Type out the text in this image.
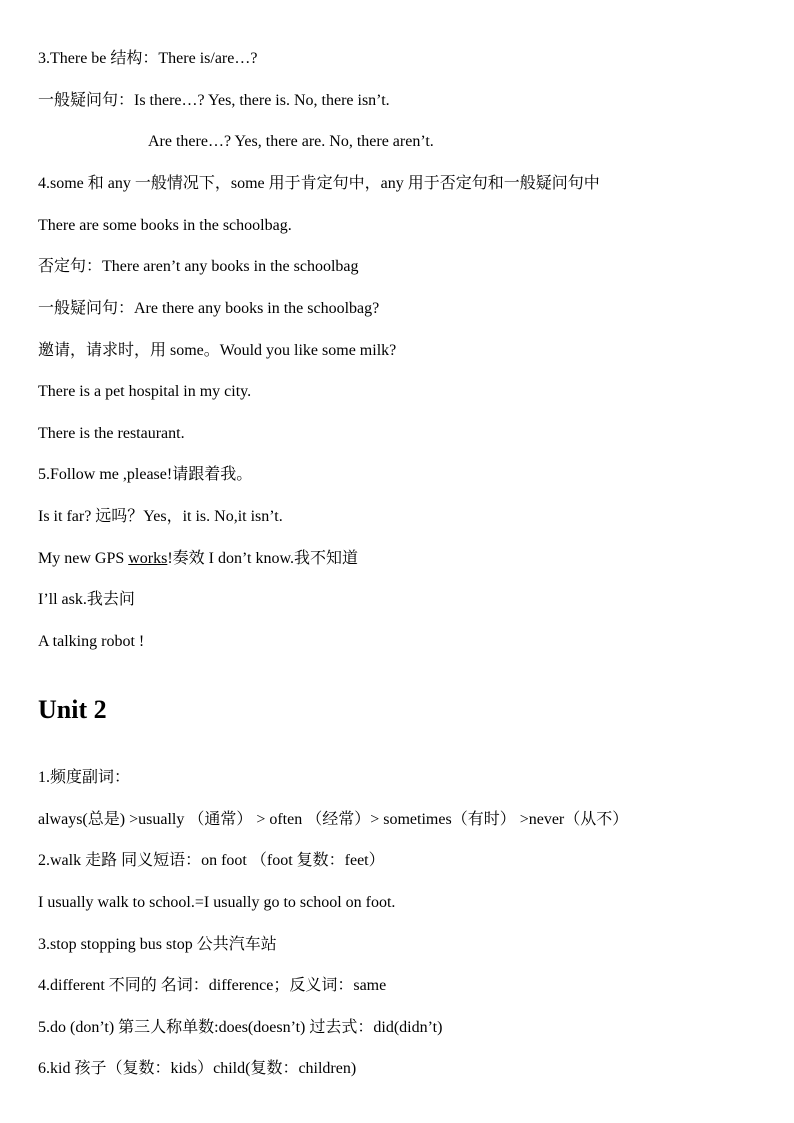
3.There be 结构：There is/are…?
一般疑问句：Is there…? Yes, there is. No, there isn’t.
Are there…? Yes, there are. No, there aren’t.
4.some 和 any 一般情况下，some 用于肯定句中，any 用于否定句和一般疑问句中
There are some books in the schoolbag.
否定句：There aren’t any books in the schoolbag
一般疑问句：Are there any books in the schoolbag?
邀请，请求时，用 some。Would you like some milk?
There is a pet hospital in my city.
There is the restaurant.
5.Follow me ,please!请跟着我。
Is it far? 远吗？Yes，it is. No,it isn’t.
My new GPS works!奏效 I don’t know.我不知道
I’ll ask.我去问
A talking robot !
Unit 2
1.频度副词：
always(总是) >usually （通常） > often （经常）> sometimes（有时） >never（从不）
2.walk 走路 同义短语：on foot （foot 复数：feet）
I usually walk to school.=I usually go to school on foot.
3.stop stopping bus stop 公共汽车站
4.different 不同的 名词：difference；反义词：same
5.do (don’t) 第三人称单数:does(doesn’t) 过去式：did(didn’t)
6.kid 孩子（复数：kids）child(复数：children)
